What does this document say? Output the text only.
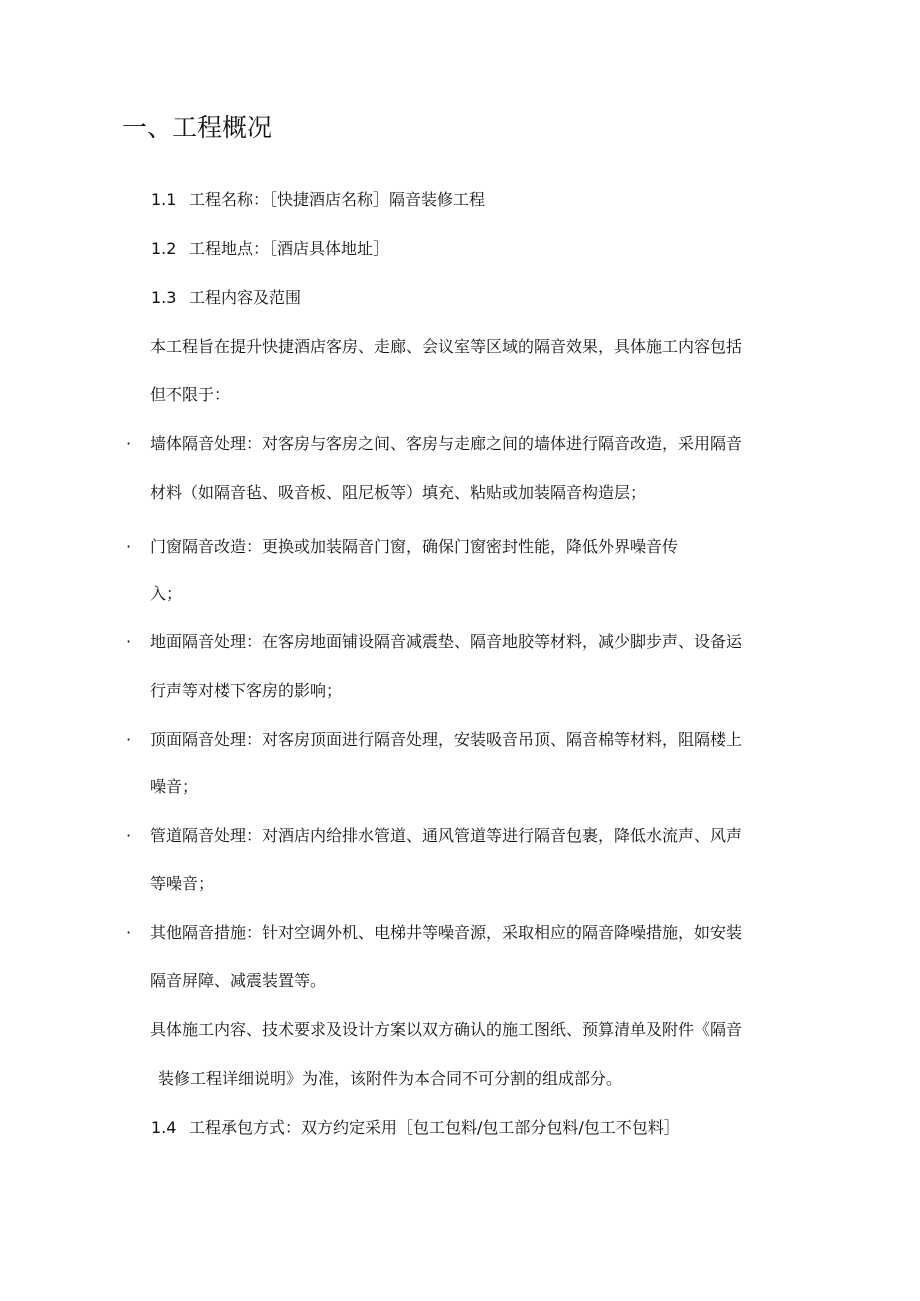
一、工程概况

1.1 工程名称：［快捷酒店名称］隔音装修工程

1.2 工程地点：［酒店具体地址］

1.3 工程内容及范围

本工程旨在提升快捷酒店客房、走廊、会议室等区域的隔音效果，具体施工内容包括

但不限于：

· 墙体隔音处理：对客房与客房之间、客房与走廊之间的墙体进行隔音改造，采用隔音

材料（如隔音毡、吸音板、阻尼板等）填充、粘贴或加装隔音构造层；

· 门窗隔音改造：更换或加装隔音门窗，确保门窗密封性能，降低外界噪音传

入；

· 地面隔音处理：在客房地面铺设隔音减震垫、隔音地胶等材料，减少脚步声、设备运

行声等对楼下客房的影响；

· 顶面隔音处理：对客房顶面进行隔音处理，安装吸音吊顶、隔音棉等材料，阻隔楼上

噪音；

· 管道隔音处理：对酒店内给排水管道、通风管道等进行隔音包裹，降低水流声、风声

等噪音；

· 其他隔音措施：针对空调外机、电梯井等噪音源，采取相应的隔音降噪措施，如安装

隔音屏障、减震装置等。

具体施工内容、技术要求及设计方案以双方确认的施工图纸、预算清单及附件《隔音

装修工程详细说明》为准，该附件为本合同不可分割的组成部分。

1.4 工程承包方式：双方约定采用［包工包料/包工部分包料/包工不包料］
